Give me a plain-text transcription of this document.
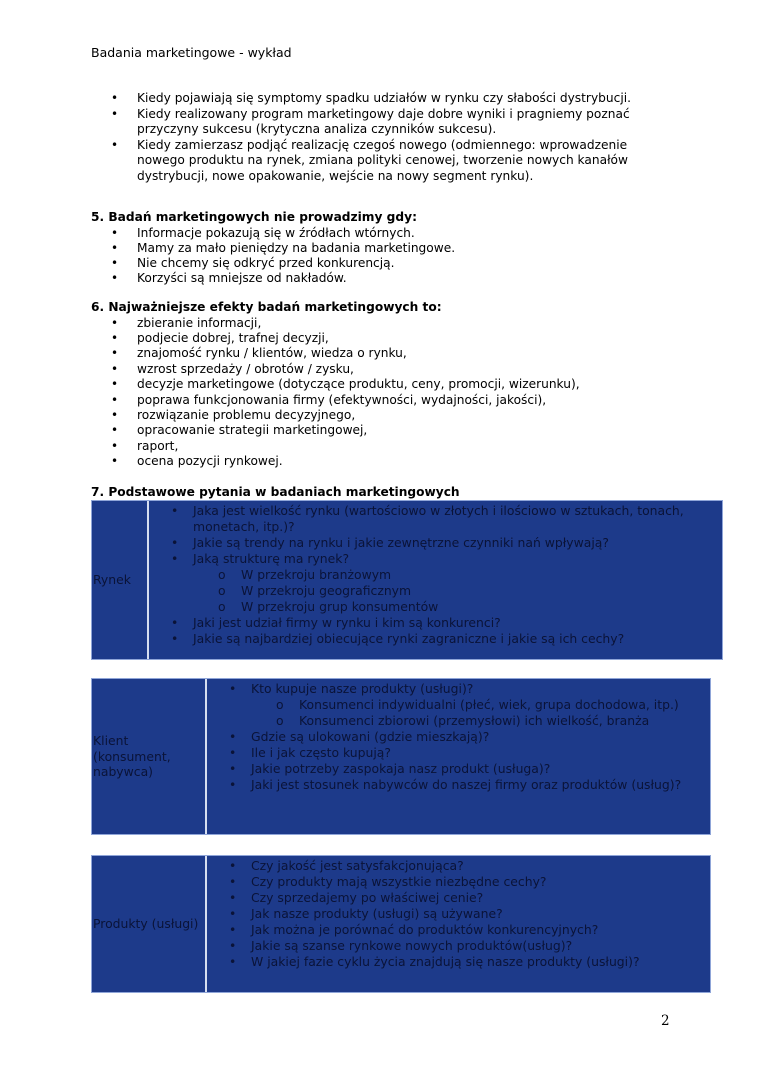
Badania marketingowe - wykład
• Kiedy pojawiają się symptomy spadku udziałów w rynku czy słabości dystrybucji.
• Kiedy realizowany program marketingowy daje dobre wyniki i pragniemy poznać przyczyny sukcesu (krytyczna analiza czynników sukcesu).
• Kiedy zamierzasz podjąć realizację czegoś nowego (odmiennego: wprowadzenie nowego produktu na rynek, zmiana polityki cenowej, tworzenie nowych kanałów dystrybucji, nowe opakowanie, wejście na nowy segment rynku).
5. Badań marketingowych nie prowadzimy gdy:
• Informacje pokazują się w źródłach wtórnych.
• Mamy za mało pieniędzy na badania marketingowe.
• Nie chcemy się odkryć przed konkurencją.
• Korzyści są mniejsze od nakładów.
6. Najważniejsze efekty badań marketingowych to:
• zbieranie informacji,
• podjecie dobrej, trafnej decyzji,
• znajomość rynku / klientów, wiedza o rynku,
• wzrost sprzedaży / obrotów / zysku,
• decyzje marketingowe (dotyczące produktu, ceny, promocji, wizerunku),
• poprawa funkcjonowania firmy (efektywności, wydajności, jakości),
• rozwiązanie problemu decyzyjnego,
• opracowanie strategii marketingowej,
• raport,
• ocena pozycji rynkowej.
7. Podstawowe pytania w badaniach marketingowych
Rynek
• Jaka jest wielkość rynku (wartościowo w złotych i ilościowo w sztukach, tonach, monetach, itp.)?
• Jakie są trendy na rynku i jakie zewnętrzne czynniki nań wpływają?
• Jaką strukturę ma rynek?
o W przekroju branżowym
o W przekroju geograficznym
o W przekroju grup konsumentów
• Jaki jest udział firmy w rynku i kim są konkurenci?
• Jakie są najbardziej obiecujące rynki zagraniczne i jakie są ich cechy?
Klient (konsument, nabywca)
• Kto kupuje nasze produkty (usługi)?
o Konsumenci indywidualni (płeć, wiek, grupa dochodowa, itp.)
o Konsumenci zbiorowi (przemysłowi) ich wielkość, branża
• Gdzie są ulokowani (gdzie mieszkają)?
• Ile i jak często kupują?
• Jakie potrzeby zaspokaja nasz produkt (usługa)?
• Jaki jest stosunek nabywców do naszej firmy oraz produktów (usług)?
Produkty (usługi)
• Czy jakość jest satysfakcjonująca?
• Czy produkty mają wszystkie niezbędne cechy?
• Czy sprzedajemy po właściwej cenie?
• Jak nasze produkty (usługi) są używane?
• Jak można je porównać do produktów konkurencyjnych?
• Jakie są szanse rynkowe nowych produktów(usług)?
• W jakiej fazie cyklu życia znajdują się nasze produkty (usługi)?
2
